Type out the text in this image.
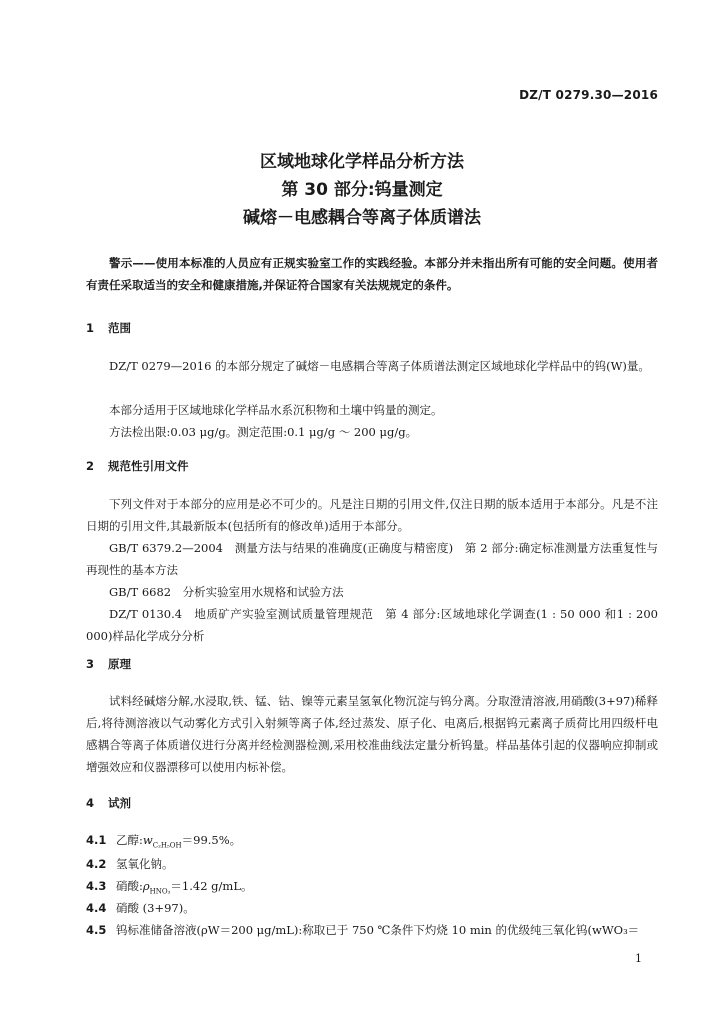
DZ/T 0279.30—2016
区域地球化学样品分析方法
第 30 部分:钨量测定
碱熔－电感耦合等离子体质谱法

警示——使用本标准的人员应有正规实验室工作的实践经验。本部分并未指出所有可能的安全问题。使用者有责任采取适当的安全和健康措施,并保证符合国家有关法规规定的条件。

1 范围

DZ/T 0279—2016 的本部分规定了碱熔－电感耦合等离子体质谱法测定区域地球化学样品中的钨(W)量。

本部分适用于区域地球化学样品水系沉积物和土壤中钨量的测定。

方法检出限:0.03 μg/g。测定范围:0.1 μg/g ～ 200 μg/g。

2 规范性引用文件

下列文件对于本部分的应用是必不可少的。凡是注日期的引用文件,仅注日期的版本适用于本部分。凡是不注日期的引用文件,其最新版本(包括所有的修改单)适用于本部分。

GB/T 6379.2—2004　测量方法与结果的准确度(正确度与精密度)　第 2 部分:确定标准测量方法重复性与再现性的基本方法

GB/T 6682　分析实验室用水规格和试验方法

DZ/T 0130.4　地质矿产实验室测试质量管理规范　第 4 部分:区域地球化学调查(1 : 50 000 和1 : 200 000)样品化学成分分析

3 原理

试料经碱熔分解,水浸取,铁、锰、钴、镍等元素呈氢氧化物沉淀与钨分离。分取澄清溶液,用硝酸(3+97)稀释后,将待测溶液以气动雾化方式引入射频等离子体,经过蒸发、原子化、电离后,根据钨元素离子质荷比用四级杆电感耦合等离子体质谱仪进行分离并经检测器检测,采用校准曲线法定量分析钨量。样品基体引起的仪器响应抑制或增强效应和仪器漂移可以使用内标补偿。

4 试剂
4.1 乙醇$:w_{C_2H_5OH}=99.5\%$。
4.2 氢氧化钠。
4.3 硝酸$:\rho_{HNO_3}=1.42$ g/mL。
4.4 硝酸 (3+97)。
4.5 钨标准储备溶液(ρW＝200 μg/mL):称取已于 750 ℃条件下灼烧 10 min 的优级纯三氧化钨(wWO₃＝
1
